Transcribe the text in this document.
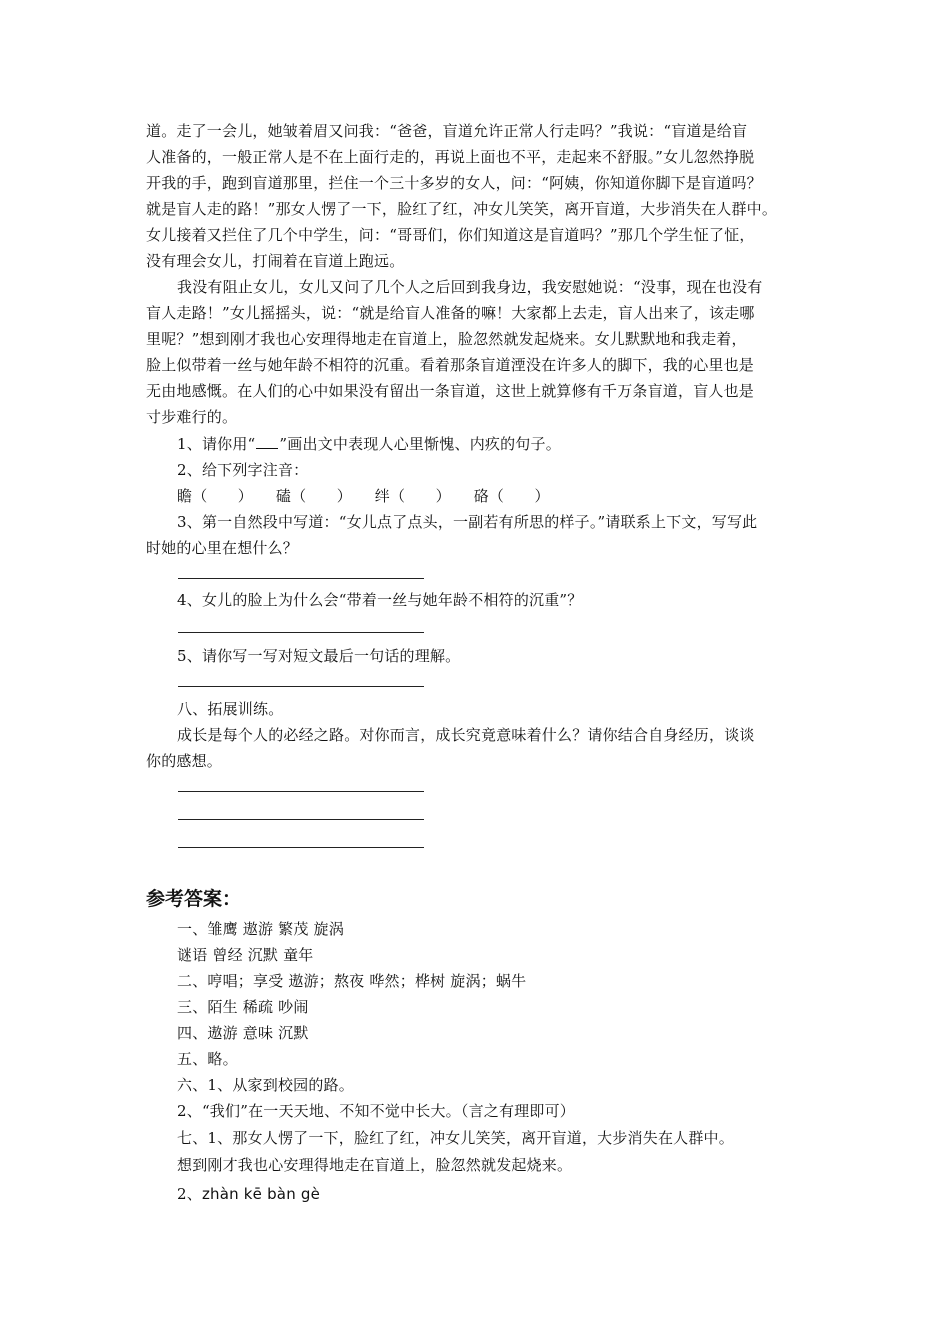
道。走了一会儿，她皱着眉又问我：“爸爸，盲道允许正常人行走吗？”我说：“盲道是给盲
人准备的，一般正常人是不在上面行走的，再说上面也不平，走起来不舒服。”女儿忽然挣脱
开我的手，跑到盲道那里，拦住一个三十多岁的女人，问：“阿姨，你知道你脚下是盲道吗？
就是盲人走的路！”那女人愣了一下，脸红了红，冲女儿笑笑，离开盲道，大步消失在人群中。
女儿接着又拦住了几个中学生，问：“哥哥们，你们知道这是盲道吗？”那几个学生怔了怔，
没有理会女儿，打闹着在盲道上跑远。
我没有阻止女儿，女儿又问了几个人之后回到我身边，我安慰她说：“没事，现在也没有
盲人走路！”女儿摇摇头，说：“就是给盲人准备的嘛！大家都上去走，盲人出来了，该走哪
里呢？”想到刚才我也心安理得地走在盲道上，脸忽然就发起烧来。女儿默默地和我走着，
脸上似带着一丝与她年龄不相符的沉重。看着那条盲道湮没在许多人的脚下，我的心里也是
无由地感慨。在人们的心中如果没有留出一条盲道，这世上就算修有千万条盲道，盲人也是
寸步难行的。
1、请你用“ ”画出文中表现人心里惭愧、内疚的句子。
2、给下列字注音：
瞻（　　）　　磕（　　）　　绊（　　）　　硌（　　）
3、第一自然段中写道：“女儿点了点头，一副若有所思的样子。”请联系上下文，写写此
时她的心里在想什么？
4、女儿的脸上为什么会“带着一丝与她年龄不相符的沉重”？
5、请你写一写对短文最后一句话的理解。
八、拓展训练。
成长是每个人的必经之路。对你而言，成长究竟意味着什么？请你结合自身经历，谈谈
你的感想。
参考答案：
一、雏鹰 遨游 繁茂 旋涡
谜语 曾经 沉默 童年
二、哼唱；享受 遨游；熬夜 哗然；桦树 旋涡；蜗牛
三、陌生 稀疏 吵闹
四、遨游 意味 沉默
五、略。
六、1、从家到校园的路。
2、“我们”在一天天地、不知不觉中长大。（言之有理即可）
七、1、那女人愣了一下，脸红了红，冲女儿笑笑，离开盲道，大步消失在人群中。
想到刚才我也心安理得地走在盲道上，脸忽然就发起烧来。
2、zhàn kē bàn gè
